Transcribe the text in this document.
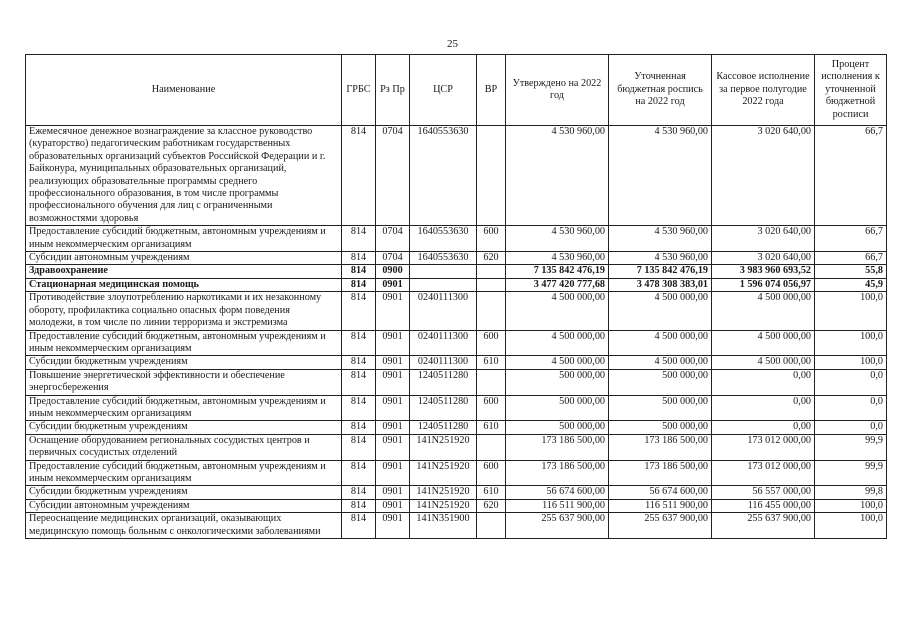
25
Наименование	ГРБС	Рз Пр	ЦСР	ВР	Утверждено на 2022 год	Уточненная бюджетная роспись на 2022 год	Кассовое исполнение за первое полугодие 2022 года	Процент исполнения к уточненной бюджетной росписи
Ежемесячное денежное вознаграждение за классное руководство (кураторство) педагогическим работникам государственных образовательных организаций субъектов Российской Федерации и г. Байконура, муниципальных образовательных организаций, реализующих образовательные программы среднего профессионального образования, в том числе программы профессионального обучения для лиц с ограниченными возможностями здоровья	814	0704	1640553630		4 530 960,00	4 530 960,00	3 020 640,00	66,7
Предоставление субсидий бюджетным, автономным учреждениям и иным некоммерческим организациям	814	0704	1640553630	600	4 530 960,00	4 530 960,00	3 020 640,00	66,7
Субсидии автономным учреждениям	814	0704	1640553630	620	4 530 960,00	4 530 960,00	3 020 640,00	66,7
Здравоохранение	814	0900			7 135 842 476,19	7 135 842 476,19	3 983 960 693,52	55,8
Стационарная медицинская помощь	814	0901			3 477 420 777,68	3 478 308 383,01	1 596 074 056,97	45,9
Противодействие злоупотреблению наркотиками и их незаконному обороту, профилактика социально опасных форм поведения молодежи, в том числе по линии терроризма и экстремизма	814	0901	0240111300		4 500 000,00	4 500 000,00	4 500 000,00	100,0
Предоставление субсидий бюджетным, автономным учреждениям и иным некоммерческим организациям	814	0901	0240111300	600	4 500 000,00	4 500 000,00	4 500 000,00	100,0
Субсидии бюджетным учреждениям	814	0901	0240111300	610	4 500 000,00	4 500 000,00	4 500 000,00	100,0
Повышение энергетической эффективности и обеспечение энергосбережения	814	0901	1240511280		500 000,00	500 000,00	0,00	0,0
Предоставление субсидий бюджетным, автономным учреждениям и иным некоммерческим организациям	814	0901	1240511280	600	500 000,00	500 000,00	0,00	0,0
Субсидии бюджетным учреждениям	814	0901	1240511280	610	500 000,00	500 000,00	0,00	0,0
Оснащение оборудованием региональных сосудистых центров и первичных сосудистых отделений	814	0901	141N251920		173 186 500,00	173 186 500,00	173 012 000,00	99,9
Предоставление субсидий бюджетным, автономным учреждениям и иным некоммерческим организациям	814	0901	141N251920	600	173 186 500,00	173 186 500,00	173 012 000,00	99,9
Субсидии бюджетным учреждениям	814	0901	141N251920	610	56 674 600,00	56 674 600,00	56 557 000,00	99,8
Субсидии автономным учреждениям	814	0901	141N251920	620	116 511 900,00	116 511 900,00	116 455 000,00	100,0
Переоснащение медицинских организаций, оказывающих медицинскую помощь больным с онкологическими заболеваниями	814	0901	141N351900		255 637 900,00	255 637 900,00	255 637 900,00	100,0
